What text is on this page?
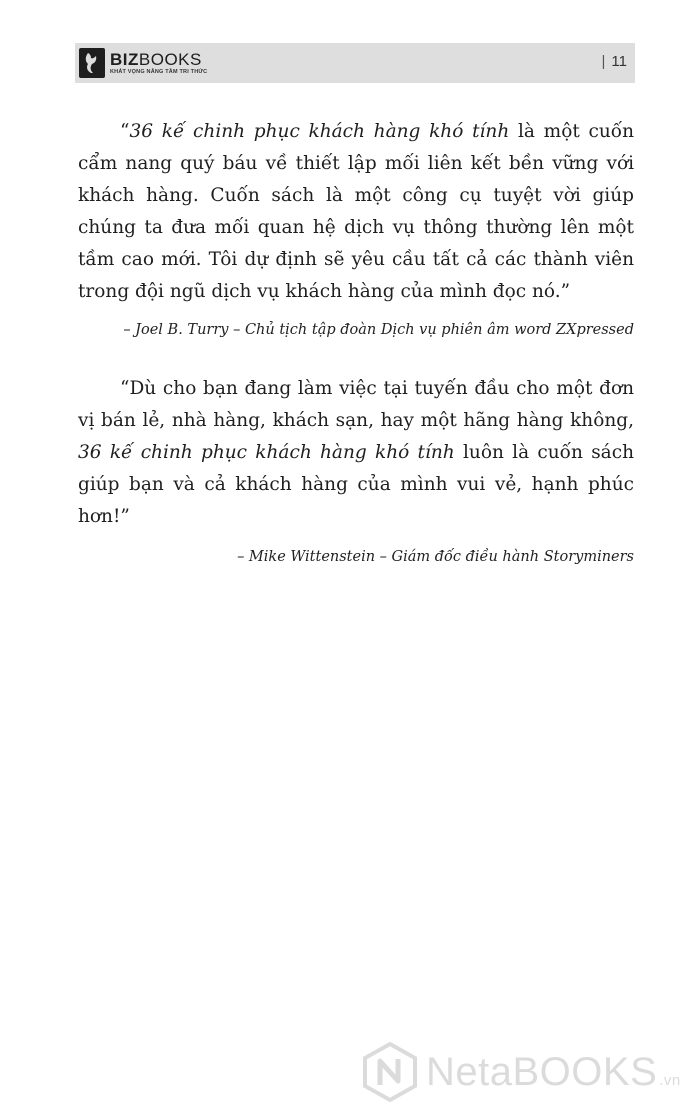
BIZBOOKS
KHÁT VỌNG NÂNG TẦM TRI THỨC
| 11

“36 kế chinh phục khách hàng khó tính là một cuốn cẩm nang quý báu về thiết lập mối liên kết bền vững với khách hàng. Cuốn sách là một công cụ tuyệt vời giúp chúng ta đưa mối quan hệ dịch vụ thông thường lên một tầm cao mới. Tôi dự định sẽ yêu cầu tất cả các thành viên trong đội ngũ dịch vụ khách hàng của mình đọc nó.”

– Joel B. Turry – Chủ tịch tập đoàn Dịch vụ phiên âm word ZXpressed

“Dù cho bạn đang làm việc tại tuyến đầu cho một đơn vị bán lẻ, nhà hàng, khách sạn, hay một hãng hàng không, 36 kế chinh phục khách hàng khó tính luôn là cuốn sách giúp bạn và cả khách hàng của mình vui vẻ, hạnh phúc hơn!”

– Mike Wittenstein – Giám đốc điều hành Storyminers

NetaBOOKS .vn
